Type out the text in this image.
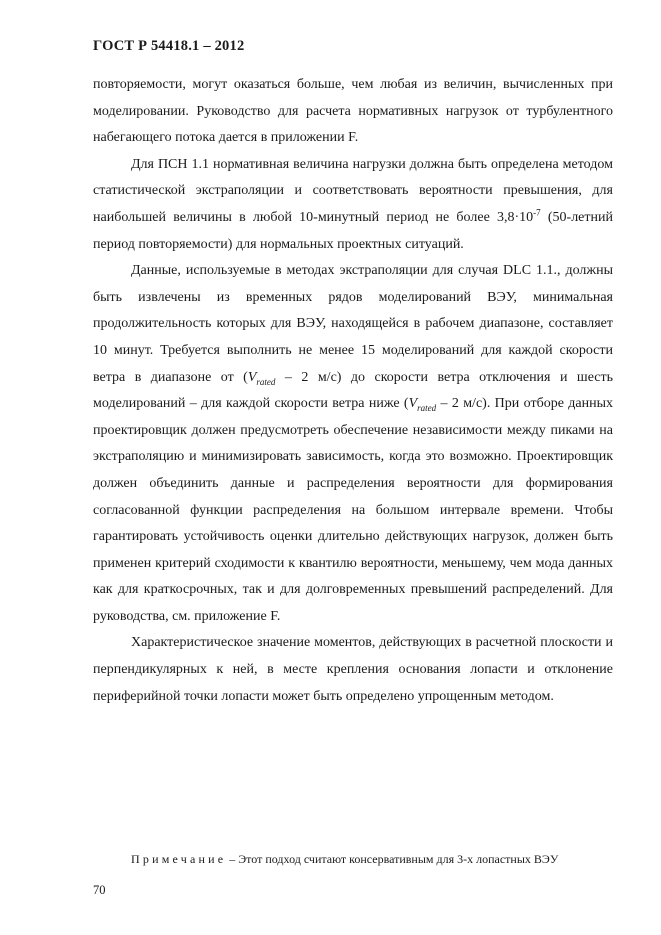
ГОСТ Р 54418.1 – 2012

повторяемости, могут оказаться больше, чем любая из величин, вычисленных при моделировании. Руководство для расчета нормативных нагрузок от турбулентного набегающего потока дается в приложении F.

Для ПСН 1.1 нормативная величина нагрузки должна быть определена методом статистической экстраполяции и соответствовать вероятности превышения, для наибольшей величины в любой 10-минутный период не более $3,8\cdot 10^{-7}$ (50-летний период повторяемости) для нормальных проектных ситуаций.

Данные, используемые в методах экстраполяции для случая DLC 1.1., должны быть извлечены из временных рядов моделирований ВЭУ, минимальная продолжительность которых для ВЭУ, находящейся в рабочем диапазоне, составляет 10 минут. Требуется выполнить не менее 15 моделирований для каждой скорости ветра в диапазоне от ($V_{rated} - 2$ м/с) до скорости ветра отключения и шесть моделирований – для каждой скорости ветра ниже ($V_{rated} - 2$ м/с). При отборе данных проектировщик должен предусмотреть обеспечение независимости между пиками на экстраполяцию и минимизировать зависимость, когда это возможно. Проектировщик должен объединить данные и распределения вероятности для формирования согласованной функции распределения на большом интервале времени. Чтобы гарантировать устойчивость оценки длительно действующих нагрузок, должен быть применен критерий сходимости к квантилю вероятности, меньшему, чем мода данных как для краткосрочных, так и для долговременных превышений распределений. Для руководства, см. приложение F.

Характеристическое значение моментов, действующих в расчетной плоскости и перпендикулярных к ней, в месте крепления основания лопасти и отклонение периферийной точки лопасти может быть определено упрощенным методом.

Примечание – Этот подход считают консервативным для 3-х лопастных ВЭУ
70
